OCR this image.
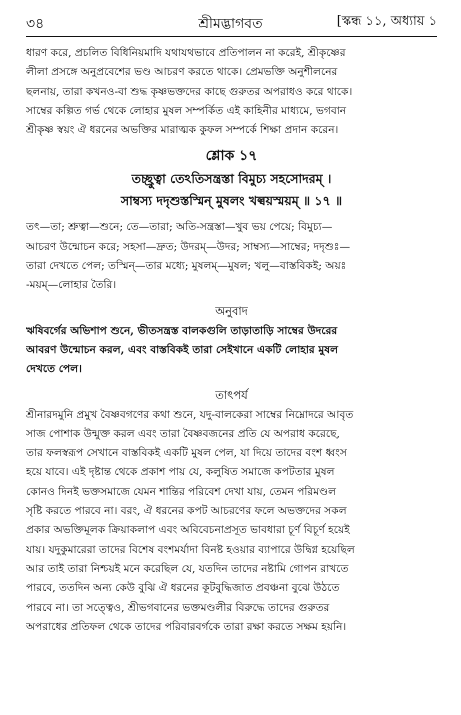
৩৪	শ্রীমদ্ভাগবত	[স্কন্ধ ১১, অধ্যায় ১
ধারণ করে, প্রচলিত বিধিনিয়মাদি যথাযথভাবে প্রতিপালন না করেই, শ্রীকৃষ্ণের
লীলা প্রসঙ্গে অনুপ্রবেশের ভণ্ড আচরণ করতে থাকে। প্রেমভক্তি অনুশীলনের
ছলনায়, তারা কখনও-বা শুদ্ধ কৃষ্ণভক্তদের কাছে গুরুতর অপরাধও করে থাকে।
সাম্বের কল্পিত গর্ভ থেকে লোহার মুষল সম্পর্কিত এই কাহিনীর মাধ্যমে, ভগবান
শ্রীকৃষ্ণ স্বয়ং ঐ ধরনের অভক্তির মারাত্মক কুফল সম্পর্কে শিক্ষা প্রদান করেন।
শ্লোক ১৭

তচ্ছ্রুত্বা তেঽতিসন্ত্রস্তা বিমুচ্য সহসোদরম্ ।

সাম্বস্য দদৃশুস্তস্মিন্ মুষলং খল্বয়স্ময়ম্ ॥ ১৭ ॥

তৎ—তা; শ্রুত্বা—শুনে; তে—তারা; অতি-সন্ত্রস্তা—খুব ভয় পেয়ে; বিমুচ্য—
আচরণ উন্মোচন করে; সহসা—দ্রুত; উদরম্—উদর; সাম্বস্য—সাম্বের; দদৃশুঃ—
তারা দেখতে পেল; তস্মিন্—তার মধ্যে; মুষলম্—মুষল; খলু—বাস্তবিকই; অয়ঃ
-ময়ম্—লোহার তৈরি।
অনুবাদ
ঋষিবর্গের অভিশাপ শুনে, ভীতসন্ত্রস্ত বালকগুলি তাড়াতাড়ি সাম্বের উদরের
আবরণ উন্মোচন করল, এবং বাস্তবিকই তারা সেইখানে একটি লোহার মুষল
দেখতে পেল।
তাৎপর্য
শ্রীনারদমুনি প্রমুখ বৈষ্ণবগণের কথা শুনে, যদু-বালকেরা সাম্বের নিম্নোদরে আবৃত
সাজ পোশাক উন্মুক্ত করল এবং তারা বৈষ্ণবজনের প্রতি যে অপরাধ করেছে,
তার ফলস্বরূপ সেখানে বাস্তবিকই একটি মুষল পেল, যা দিয়ে তাদের বংশ ধ্বংস
হয়ে যাবে। এই দৃষ্টান্ত থেকে প্রকাশ পায় যে, কলুষিত সমাজে কপটতার মুষল
কোনও দিনই ভক্তসমাজে যেমন শান্তির পরিবেশ দেখা যায়, তেমন পরিমণ্ডল
সৃষ্টি করতে পারবে না। বরং, ঐ ধরনের কপট আচরণের ফলে অভক্তদের সকল
প্রকার অভক্তিমূলক ক্রিয়াকলাপ এবং অবিবেচনাপ্রসূত ভাবধারা চূর্ণ বিচূর্ণ হয়েই
যায়। যদুকুমারেরা তাদের বিশেষ বংশমর্যাদা বিনষ্ট হওয়ার ব্যাপারে উদ্বিগ্ন হয়েছিল
আর তাই তারা নিশ্চয়ই মনে করেছিল যে, যতদিন তাদের নষ্টামি গোপন রাখতে
পারবে, ততদিন অন্য কেউ বুঝি ঐ ধরনের কূটবুদ্ধিজাত প্রবঞ্চনা বুঝে উঠতে
পারবে না। তা সত্ত্বেও, শ্রীভগবানের ভক্তমণ্ডলীর বিরুদ্ধে তাদের গুরুতর
অপরাধের প্রতিফল থেকে তাদের পরিবারবর্গকে তারা রক্ষা করতে সক্ষম হয়নি।
